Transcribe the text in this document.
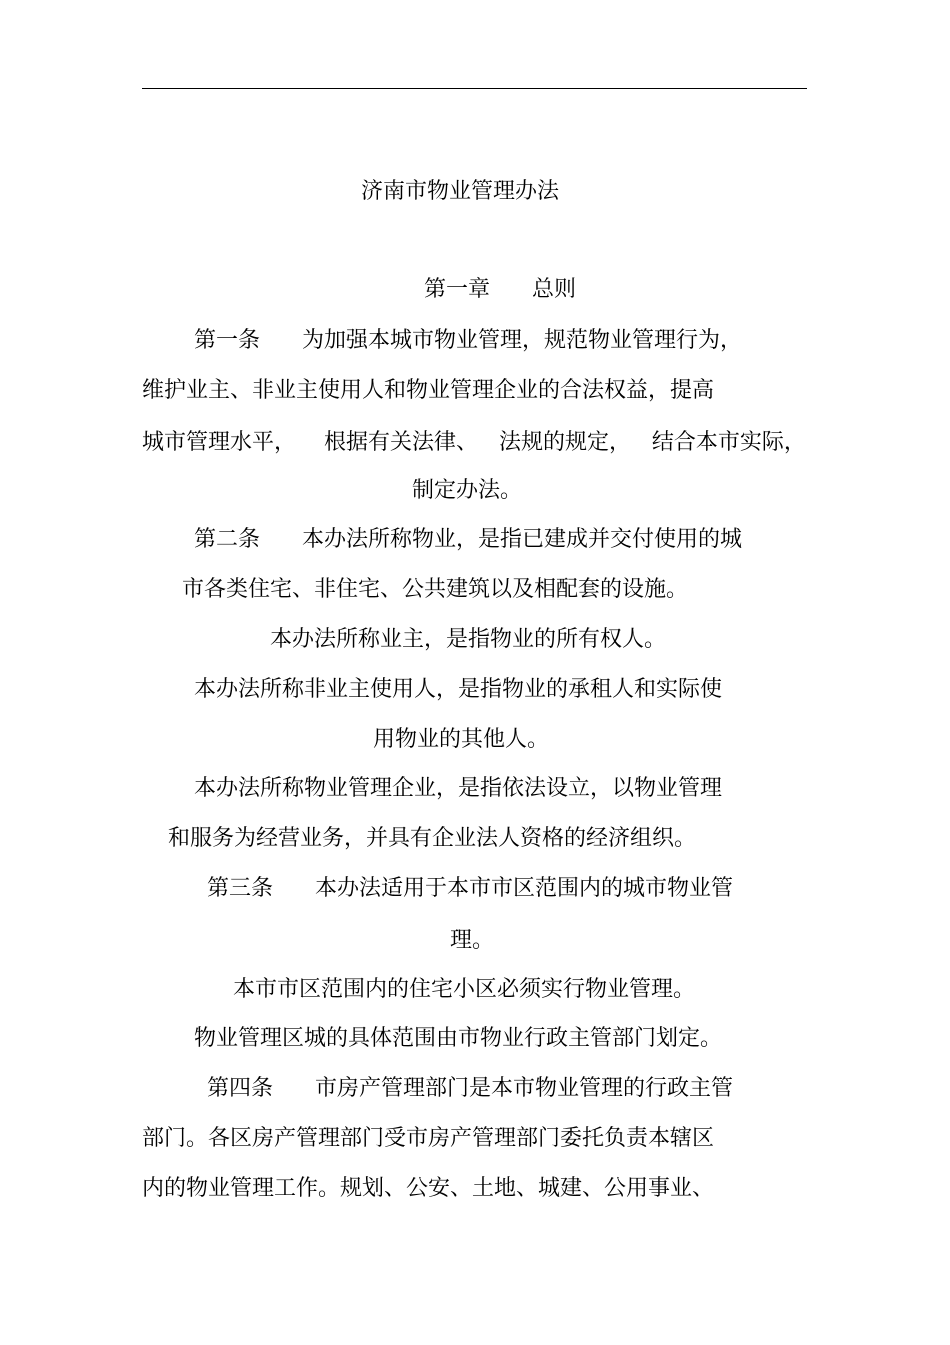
济南市物业管理办法
第一章      总则
第一条      为加强本城市物业管理，规范物业管理行为，
维护业主、非业主使用人和物业管理企业的合法权益，提高
城市管理水平，    根据有关法律、   法规的规定，   结合本市实际，
制定办法。
第二条      本办法所称物业，是指已建成并交付使用的城
市各类住宅、非住宅、公共建筑以及相配套的设施。
本办法所称业主，是指物业的所有权人。
本办法所称非业主使用人，是指物业的承租人和实际使
用物业的其他人。
本办法所称物业管理企业，是指依法设立，以物业管理
和服务为经营业务，并具有企业法人资格的经济组织。
第三条      本办法适用于本市市区范围内的城市物业管
理。
本市市区范围内的住宅小区必须实行物业管理。
物业管理区城的具体范围由市物业行政主管部门划定。
第四条      市房产管理部门是本市物业管理的行政主管
部门。各区房产管理部门受市房产管理部门委托负责本辖区
内的物业管理工作。规划、公安、土地、城建、公用事业、
